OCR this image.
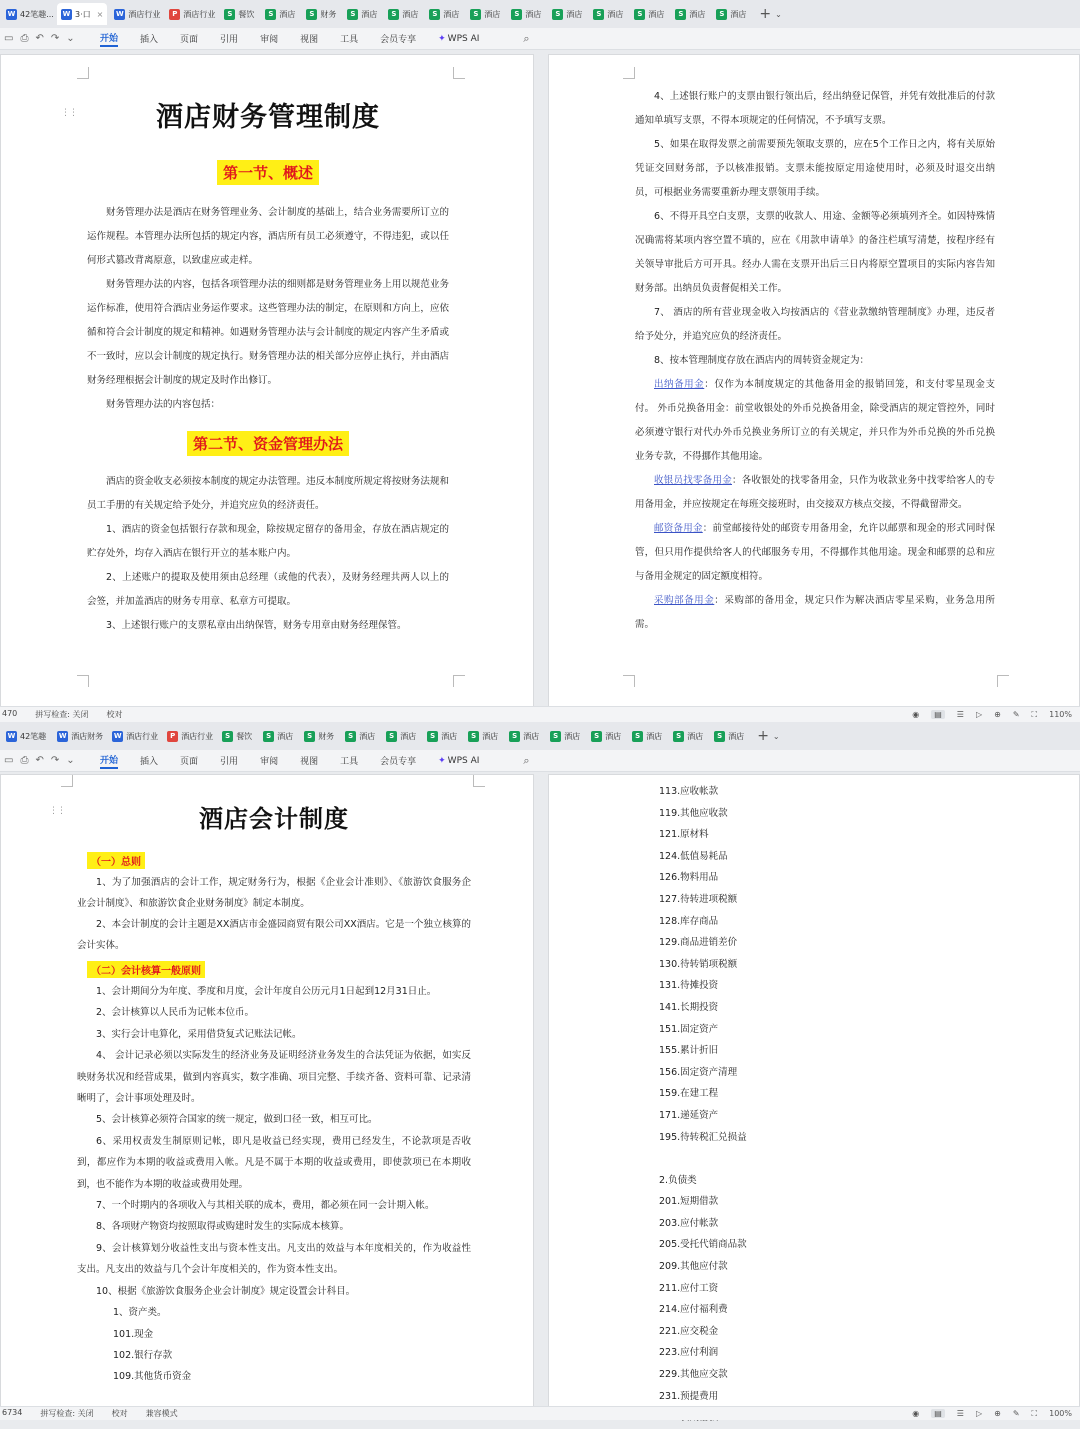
W 42笔趣... W 3·口 × W 酒店行业	P 酒店行业	S 餐饮	S 酒店	S 财务	S 酒店	S 酒店	S 酒店	S 酒店	S 酒店	S 酒店	S 酒店	S 酒店	S 酒店	S 酒店 + ⌄
▭ ⎙ ↶ ↷ ⌄	开始 插入 页面 引用 审阅 视图 工具 会员专享 ✦ WPS AI	⌕
⋮⋮	酒店财务管理制度
第一节、概述

财务管理办法是酒店在财务管理业务、会计制度的基础上，结合业务需要所订立的运作规程。本管理办法所包括的规定内容，酒店所有员工必须遵守，不得违犯，或以任何形式篡改背离原意，以致虚应或走样。

财务管理办法的内容，包括各项管理办法的细则都是财务管理业务上用以规范业务运作标准，使用符合酒店业务运作要求。这些管理办法的制定，在原则和方向上，应依循和符合会计制度的规定和精神。如遇财务管理办法与会计制度的规定内容产生矛盾或不一致时，应以会计制度的规定执行。财务管理办法的相关部分应停止执行，并由酒店财务经理根据会计制度的规定及时作出修订。

财务管理办法的内容包括：

第二节、资金管理办法

酒店的资金收支必须按本制度的规定办法管理。违反本制度所规定将按财务法规和员工手册的有关规定给予处分，并追究应负的经济责任。

1、酒店的资金包括银行存款和现金，除按规定留存的备用金，存放在酒店规定的贮存处外，均存入酒店在银行开立的基本账户内。

2、上述账户的提取及使用须由总经理（或他的代表），及财务经理共两人以上的会签，并加盖酒店的财务专用章、私章方可提取。

3、上述银行账户的支票私章由出纳保管，财务专用章由财务经理保管。

4、上述银行账户的支票由银行领出后，经出纳登记保管，并凭有效批准后的付款通知单填写支票，不得本项规定的任何情况，不予填写支票。

5、如果在取得发票之前需要预先领取支票的，应在5个工作日之内，将有关原始凭证交回财务部，予以核准报销。支票未能按原定用途使用时，必须及时退交出纳员，可根据业务需要重新办理支票领用手续。

6、不得开具空白支票，支票的收款人、用途、金额等必须填列齐全。如因特殊情况确需将某项内容空置不填的，应在《用款申请单》的备注栏填写清楚，按程序经有关领导审批后方可开具。经办人需在支票开出后三日内将原空置项目的实际内容告知财务部。出纳员负责督促相关工作。

7、 酒店的所有营业现金收入均按酒店的《营业款缴纳管理制度》办理，违反者给予处分，并追究应负的经济责任。

8、按本管理制度存放在酒店内的周转资金规定为：

出纳备用金：仅作为本制度规定的其他备用金的报销回笼，和支付零星现金支付。 外币兑换备用金：前堂收银处的外币兑换备用金，除受酒店的规定管控外，同时必须遵守银行对代办外币兑换业务所订立的有关规定，并只作为外币兑换的外币兑换业务专款，不得挪作其他用途。

收银员找零备用金：各收银处的找零备用金，只作为收款业务中找零给客人的专用备用金，并应按规定在每班交接班时，由交接双方核点交接，不得截留滞交。

邮资备用金：前堂邮接待处的邮资专用备用金，允许以邮票和现金的形式同时保管，但只用作提供给客人的代邮服务专用，不得挪作其他用途。现金和邮票的总和应与备用金规定的固定额度相符。

采购部备用金：采购部的备用金，规定只作为解决酒店零星采购，业务急用所需。

470 拼写检查: 关闭 校对	◉	▤	☰ ▷ ⊕ ✎ ⛶ 110%
W 42笔趣 W 酒店财务 W 酒店行业	P 酒店行业	S 餐饮	S 酒店	S 财务	S 酒店	S 酒店	S 酒店	S 酒店	S 酒店	S 酒店	S 酒店	S 酒店	S 酒店	S 酒店 + ⌄
▭ ⎙ ↶ ↷ ⌄	开始 插入 页面 引用 审阅 视图 工具 会员专享 ✦ WPS AI	⌕
⋮⋮	酒店会计制度
（一）总则

1、为了加强酒店的会计工作，规定财务行为，根据《企业会计准则》、《旅游饮食服务企业会计制度》、和旅游饮食企业财务制度》制定本制度。

2、本会计制度的会计主题是XX酒店市金盛园商贸有限公司XX酒店。它是一个独立核算的会计实体。

（二）会计核算一般原则

1、会计期间分为年度、季度和月度，会计年度自公历元月1日起到12月31日止。

2、会计核算以人民币为记帐本位币。

3、实行会计电算化，采用借贷复式记账法记帐。

4、 会计记录必须以实际发生的经济业务及证明经济业务发生的合法凭证为依据，如实反映财务状况和经营成果，做到内容真实，数字准确、项目完整、手续齐备、资料可靠、记录清晰明了，会计事项处理及时。

5、会计核算必须符合国家的统一规定，做到口径一致，相互可比。

6、采用权责发生制原则记帐，即凡是收益已经实现，费用已经发生，不论款项是否收到，都应作为本期的收益或费用入帐。凡是不属于本期的收益或费用，即使款项已在本期收到，也不能作为本期的收益或费用处理。

7、一个时期内的各项收入与其相关联的成本，费用，都必须在同一会计期入帐。

8、各项财产物资均按照取得或购建时发生的实际成本核算。

9、会计核算划分收益性支出与资本性支出。凡支出的效益与本年度相关的，作为收益性支出。凡支出的效益与几个会计年度相关的，作为资本性支出。

10、根据《旅游饮食服务企业会计制度》规定设置会计科目。

1、资产类。
101.现金
102.银行存款
109.其他货币资金
113.应收帐款
119.其他应收款
121.原材料
124.低值易耗品
126.物料用品
127.待转进项税额
128.库存商品
129.商品进销差价
130.待转销项税额
131.待摊投资
141.长期投资
151.固定资产
155.累计折旧
156.固定资产清理
159.在建工程
171.递延资产
195.待转税汇兑损益
2.负债类
201.短期借款
203.应付帐款
205.受托代销商品款
209.其他应付款
211.应付工资
214.应付福利费
221.应交税金
223.应付利润
229.其他应交款
231.预提费用
6734 拼写检查: 关闭 校对 兼容模式	◉	▤	☰ ▷ ⊕ ✎ ⛶ 100%
